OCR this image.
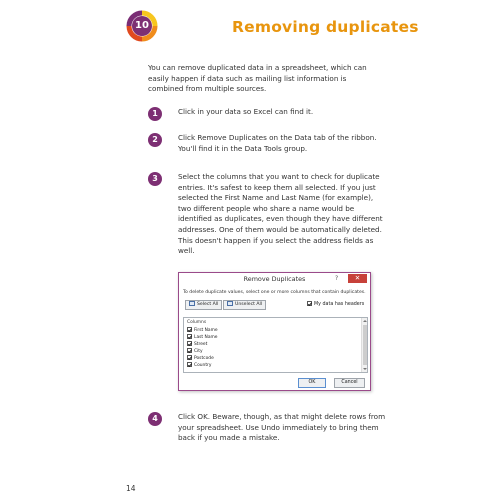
10	Removing duplicates

You can remove duplicated data in a spreadsheet, which can easily happen if data such as mailing list information is combined from multiple sources.

1	Click in your data so Excel can find it.

2	Click Remove Duplicates on the Data tab of the ribbon. You'll find it in the Data Tools group.

3	Select the columns that you want to check for duplicate entries. It's safest to keep them all selected. If you just selected the First Name and Last Name (for example), two different people who share a name would be identified as duplicates, even though they have different addresses. One of them would be automatically deleted. This doesn't happen if you select the address fields as well.

Remove Duplicates	?	✕
To delete duplicate values, select one or more columns that contain duplicates.
Select All	Unselect All	My data has headers
Columns
First Name
Last Name
Street
City
Postcode
Country
OK	Cancel
4	Click OK. Beware, though, as that might delete rows from your spreadsheet. Use Undo immediately to bring them back if you made a mistake.

14
